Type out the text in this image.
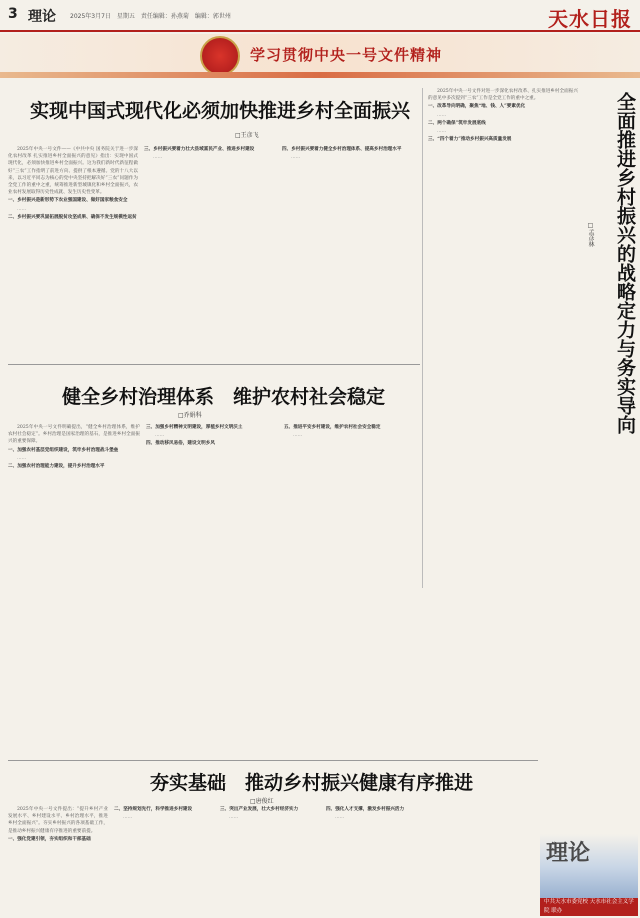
3 理论 2025年3月7日　星期五　责任编辑：孙燕菊　编辑：郭世州	天水日报
学习贯彻中央一号文件精神
实现中国式现代化必须加快推进乡村全面振兴
□王彦飞

2025年中央一号文件——《中共中央 国务院关于进一步深化农村改革 扎实推进乡村全面振兴的意见》指出：实现中国式现代化，必须加快推进乡村全面振兴。这为我们新时代新征程做好“三农”工作指明了前进方向、提供了根本遵循。党的十八大以来，以习近平同志为核心的党中央坚持把解决好“三农”问题作为全党工作的重中之重，统筹推进新型城镇化和乡村全面振兴，农业农村发展取得历史性成就、发生历史性变革。

一、乡村振兴是新形势下农业强国建设、做好国家粮食安全

……

二、乡村振兴要巩固拓展脱贫攻坚成果、确保不发生规模性返贫

三、乡村振兴要着力壮大县域富民产业、推进乡村建设

……

四、乡村振兴要着力健全乡村治理体系、提高乡村治理水平

……

2025年中央一号文件对进一步深化农村改革、扎实推进乡村全面振兴的意见中多次提到“三农”工作是全党工作的重中之重。

一、改革导向明确，聚焦“地、钱、人”要素优化

……

二、两个确保”筑牢发展底线

……

三、“四个着力”推动乡村振兴高质量发展	全面推进乡村振兴的战略定力与务实导向
□孟彦林
健全乡村治理体系　维护农村社会稳定
□乔娟科

2025年中央一号文件明确提出，“健全乡村治理体系，维护农村社会稳定”。乡村治理是国家治理的基石，是推进乡村全面振兴的重要保障。

一、加强农村基层党组织建设，筑牢乡村治理战斗堡垒

……

二、加强农村治理能力建设，提升乡村治理水平

三、加强乡村精神文明建设，厚植乡村文明沃土

……

四、推动移风易俗，建设文明乡风

五、推进平安乡村建设，维护农村社会安全稳定

……

夯实基础　推动乡村振兴健康有序推进
□唐俊红

2025年中央一号文件提出：“提升乡村产业发展水平、乡村建设水平、乡村治理水平，推进乡村全面振兴”。夯实乡村振兴的各项基础工作，是推动乡村振兴健康有序推进的重要前提。

一、强化党建引领，夯实组织和干部基础

二、坚持规划先行，科学推进乡村建设

……

三、突出产业发展，壮大乡村经济实力

……

四、强化人才支撑，激发乡村振兴活力

……

理论
中共天水市委党校 天水市社会主义学院 联办
